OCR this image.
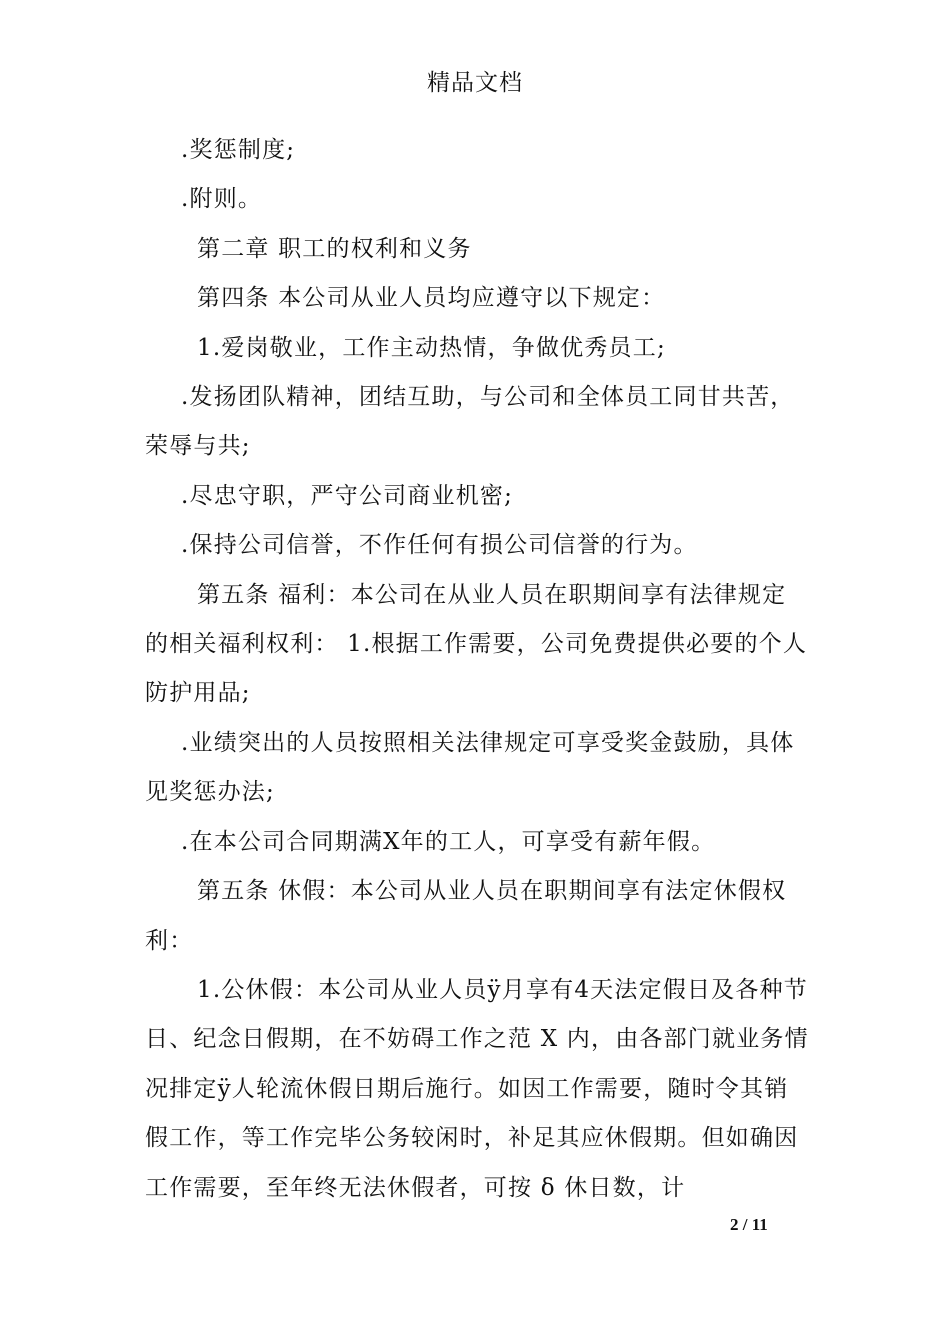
精品文档

.奖惩制度;

.附则。

第二章 职工的权利和义务

第四条 本公司从业人员均应遵守以下规定：

1.爱岗敬业，工作主动热情，争做优秀员工;

.发扬团队精神，团结互助，与公司和全体员工同甘共苦，荣辱与共;

.尽忠守职，严守公司商业机密;

.保持公司信誉，不作任何有损公司信誉的行为。

第五条 福利：本公司在从业人员在职期间享有法律规定的相关福利权利： 1.根据工作需要，公司免费提供必要的个人防护用品;

.业绩突出的人员按照相关法律规定可享受奖金鼓励，具体见奖惩办法;

.在本公司合同期满X年的工人，可享受有薪年假。

第五条 休假：本公司从业人员在职期间享有法定休假权利：

1.公休假：本公司从业人员ÿ月享有4天法定假日及各种节日、纪念日假期，在不妨碍工作之范 X 内，由各部门就业务情况排定ÿ人轮流休假日期后施行。如因工作需要，随时令其销假工作，等工作完毕公务较闲时，补足其应休假期。但如确因工作需要，至年终无法休假者，可按 δ 休日数，计

2 / 11
